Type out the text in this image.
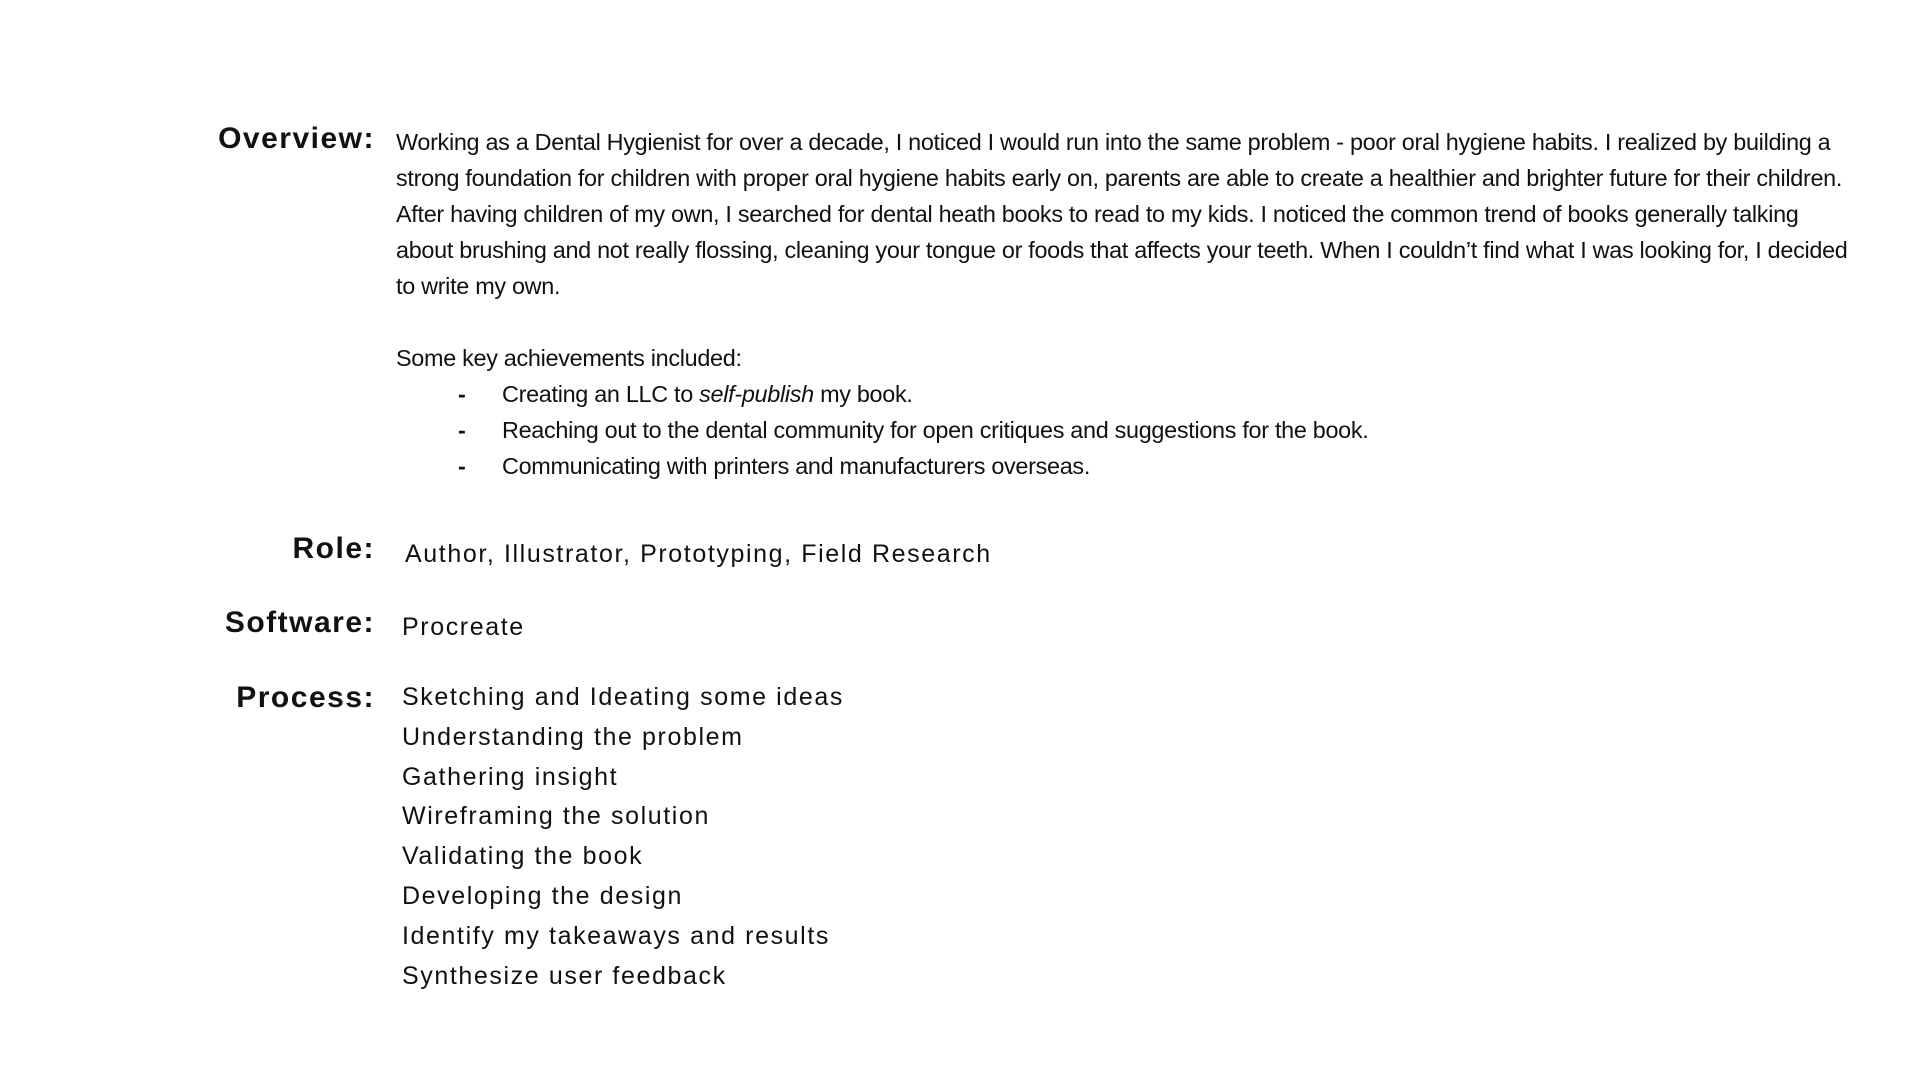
Overview: Working as a Dental Hygienist for over a decade, I noticed I would run into the same problem - poor oral hygiene habits. I realized by building a strong foundation for children with proper oral hygiene habits early on, parents are able to create a healthier and brighter future for their children. After having children of my own, I searched for dental heath books to read to my kids. I noticed the common trend of books generally talking about brushing and not really flossing, cleaning your tongue or foods that affects your teeth. When I couldn’t find what I was looking for, I decided to write my own.

Some key achievements included:

- Creating an LLC to self-publish my book.
- Reaching out to the dental community for open critiques and suggestions for the book.
- Communicating with printers and manufacturers overseas.
Role: Author, Illustrator, Prototyping, Field Research
Software: Procreate
Process: Sketching and Ideating some ideas
Understanding the problem
Gathering insight
Wireframing the solution
Validating the book
Developing the design
Identify my takeaways and results
Synthesize user feedback
